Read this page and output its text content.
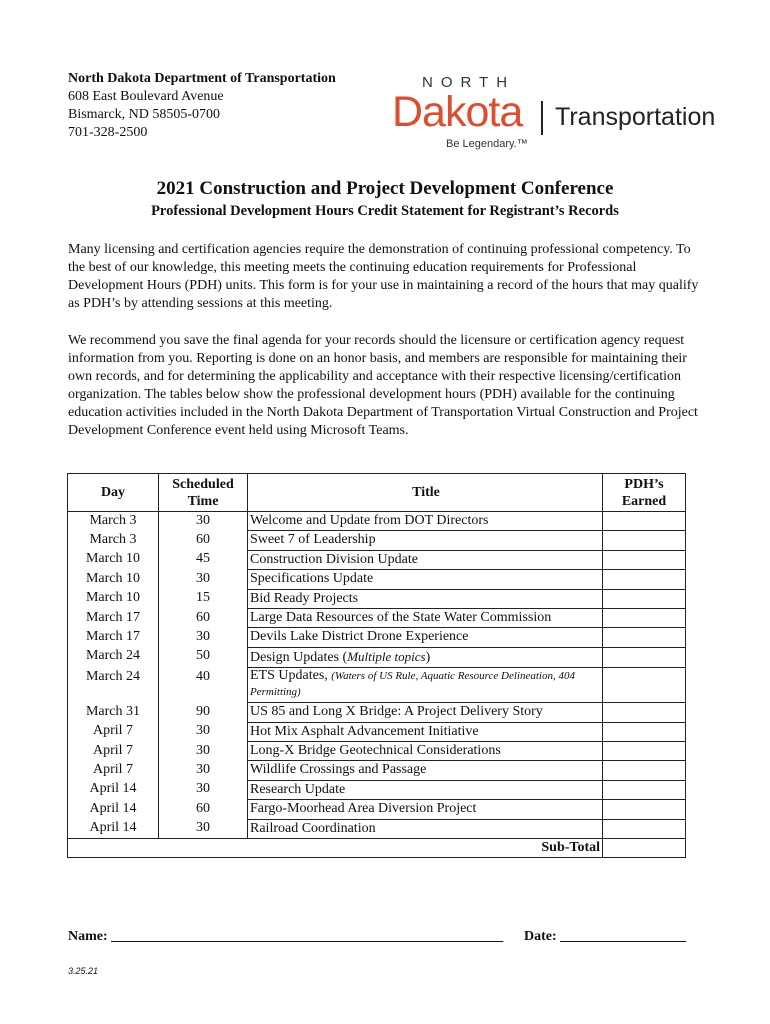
North Dakota Department of Transportation
608 East Boulevard Avenue
Bismarck, ND 58505-0700
701-328-2500
NORTH
Dakota Transportation
Be Legendary.™
2021 Construction and Project Development Conference
Professional Development Hours Credit Statement for Registrant’s Records

Many licensing and certification agencies require the demonstration of continuing professional competency. To the best of our knowledge, this meeting meets the continuing education requirements for Professional Development Hours (PDH) units. This form is for your use in maintaining a record of the hours that may qualify as PDH’s by attending sessions at this meeting.

We recommend you save the final agenda for your records should the licensure or certification agency request information from you. Reporting is done on an honor basis, and members are responsible for maintaining their own records, and for determining the applicability and acceptance with their respective licensing/certification organization. The tables below show the professional development hours (PDH) available for the continuing education activities included in the North Dakota Department of Transportation Virtual Construction and Project Development Conference event held using Microsoft Teams.

Day	Scheduled Time	Title	PDH’s Earned
March 3	30	Welcome and Update from DOT Directors	
March 3	60	Sweet 7 of Leadership	
March 10	45	Construction Division Update	
March 10	30	Specifications Update	
March 10	15	Bid Ready Projects	
March 17	60	Large Data Resources of the State Water Commission	
March 17	30	Devils Lake District Drone Experience	
March 24	50	Design Updates (Multiple topics)	
March 24	40	ETS Updates, (Waters of US Rule, Aquatic Resource Delineation, 404 Permitting)	
March 31	90	US 85 and Long X Bridge: A Project Delivery Story	
April 7	30	Hot Mix Asphalt Advancement Initiative	
April 7	30	Long-X Bridge Geotechnical Considerations	
April 7	30	Wildlife Crossings and Passage	
April 14	30	Research Update	
April 14	60	Fargo-Moorhead Area Diversion Project	
April 14	30	Railroad Coordination	
Sub-Total			
Name: ________________________________________________________ Date: __________________
3.25.21
